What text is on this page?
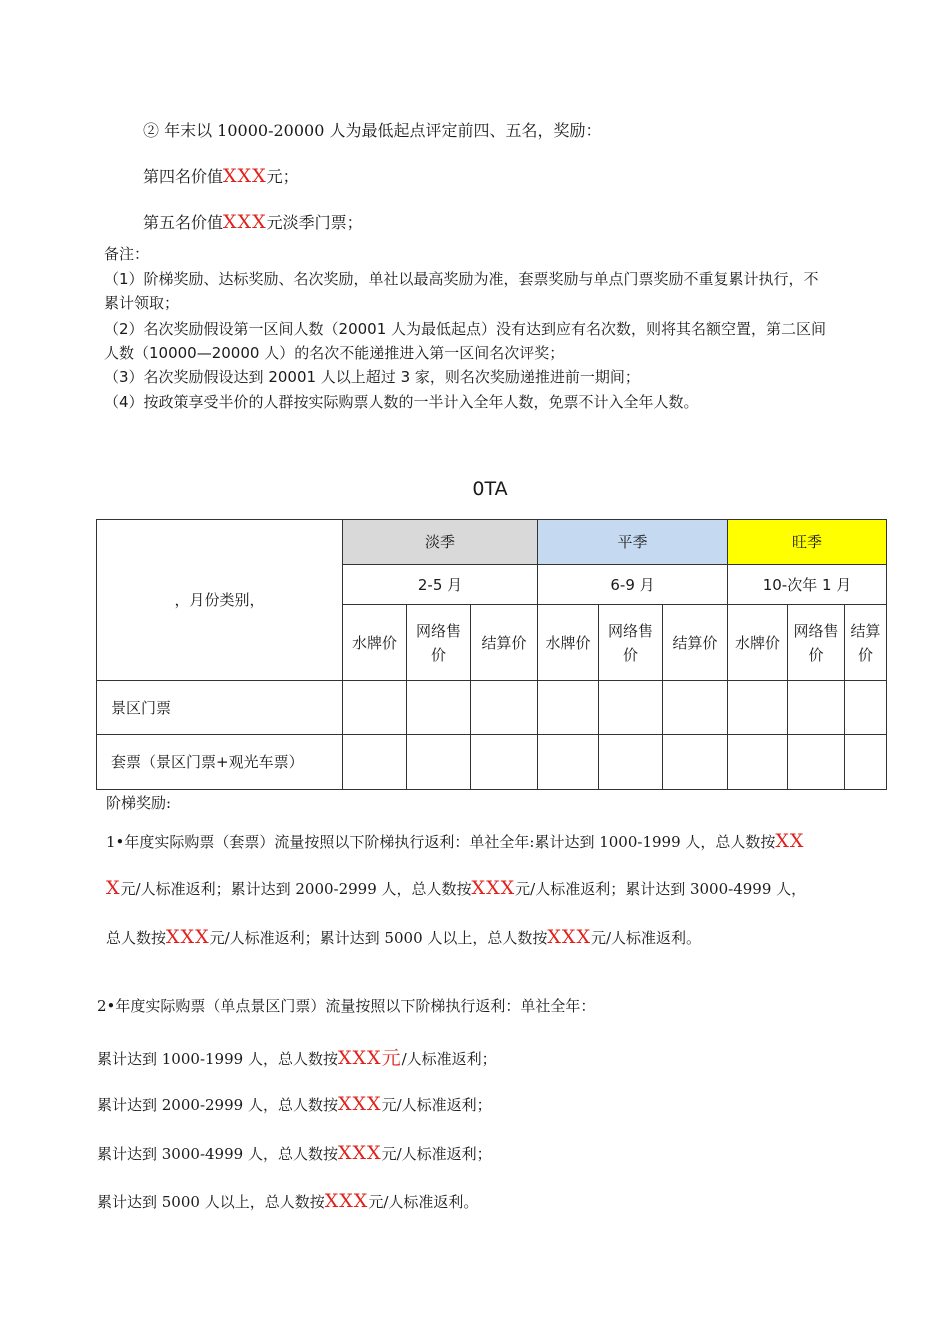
② 年末以 10000-20000 人为最低起点评定前四、五名，奖励：
第四名价值XXX元；
第五名价值XXX元淡季门票；
备注：
（1）阶梯奖励、达标奖励、名次奖励，单社以最高奖励为准，套票奖励与单点门票奖励不重复累计执行，不
累计领取；
（2）名次奖励假设第一区间人数（20001 人为最低起点）没有达到应有名次数，则将其名额空置，第二区间
人数（10000—20000 人）的名次不能递推进入第一区间名次评奖；
（3）名次奖励假设达到 20001 人以上超过 3 家，则名次奖励递推进前一期间；
（4）按政策享受半价的人群按实际购票人数的一半计入全年人数，免票不计入全年人数。
0TA
，月份类别，	淡季			平季			旺季		
	2-5 月			6-9 月			10-次年 1 月		
	水牌价	网络售价	结算价	水牌价	网络售价	结算价	水牌价	网络售价	结算价
景区门票									
套票（景区门票+观光车票）									
阶梯奖励:
1•年度实际购票（套票）流量按照以下阶梯执行返利：单社全年:累计达到 1000-1999 人，总人数按XX
X元/人标准返利；累计达到 2000-2999 人，总人数按XXX元/人标准返利；累计达到 3000-4999 人，
总人数按XXX元/人标准返利；累计达到 5000 人以上，总人数按XXX元/人标准返利。
2•年度实际购票（单点景区门票）流量按照以下阶梯执行返利：单社全年：
累计达到 1000-1999 人，总人数按XXX元/人标准返利；
累计达到 2000-2999 人，总人数按XXX元/人标准返利；
累计达到 3000-4999 人，总人数按XXX元/人标准返利；
累计达到 5000 人以上，总人数按XXX元/人标准返利。
